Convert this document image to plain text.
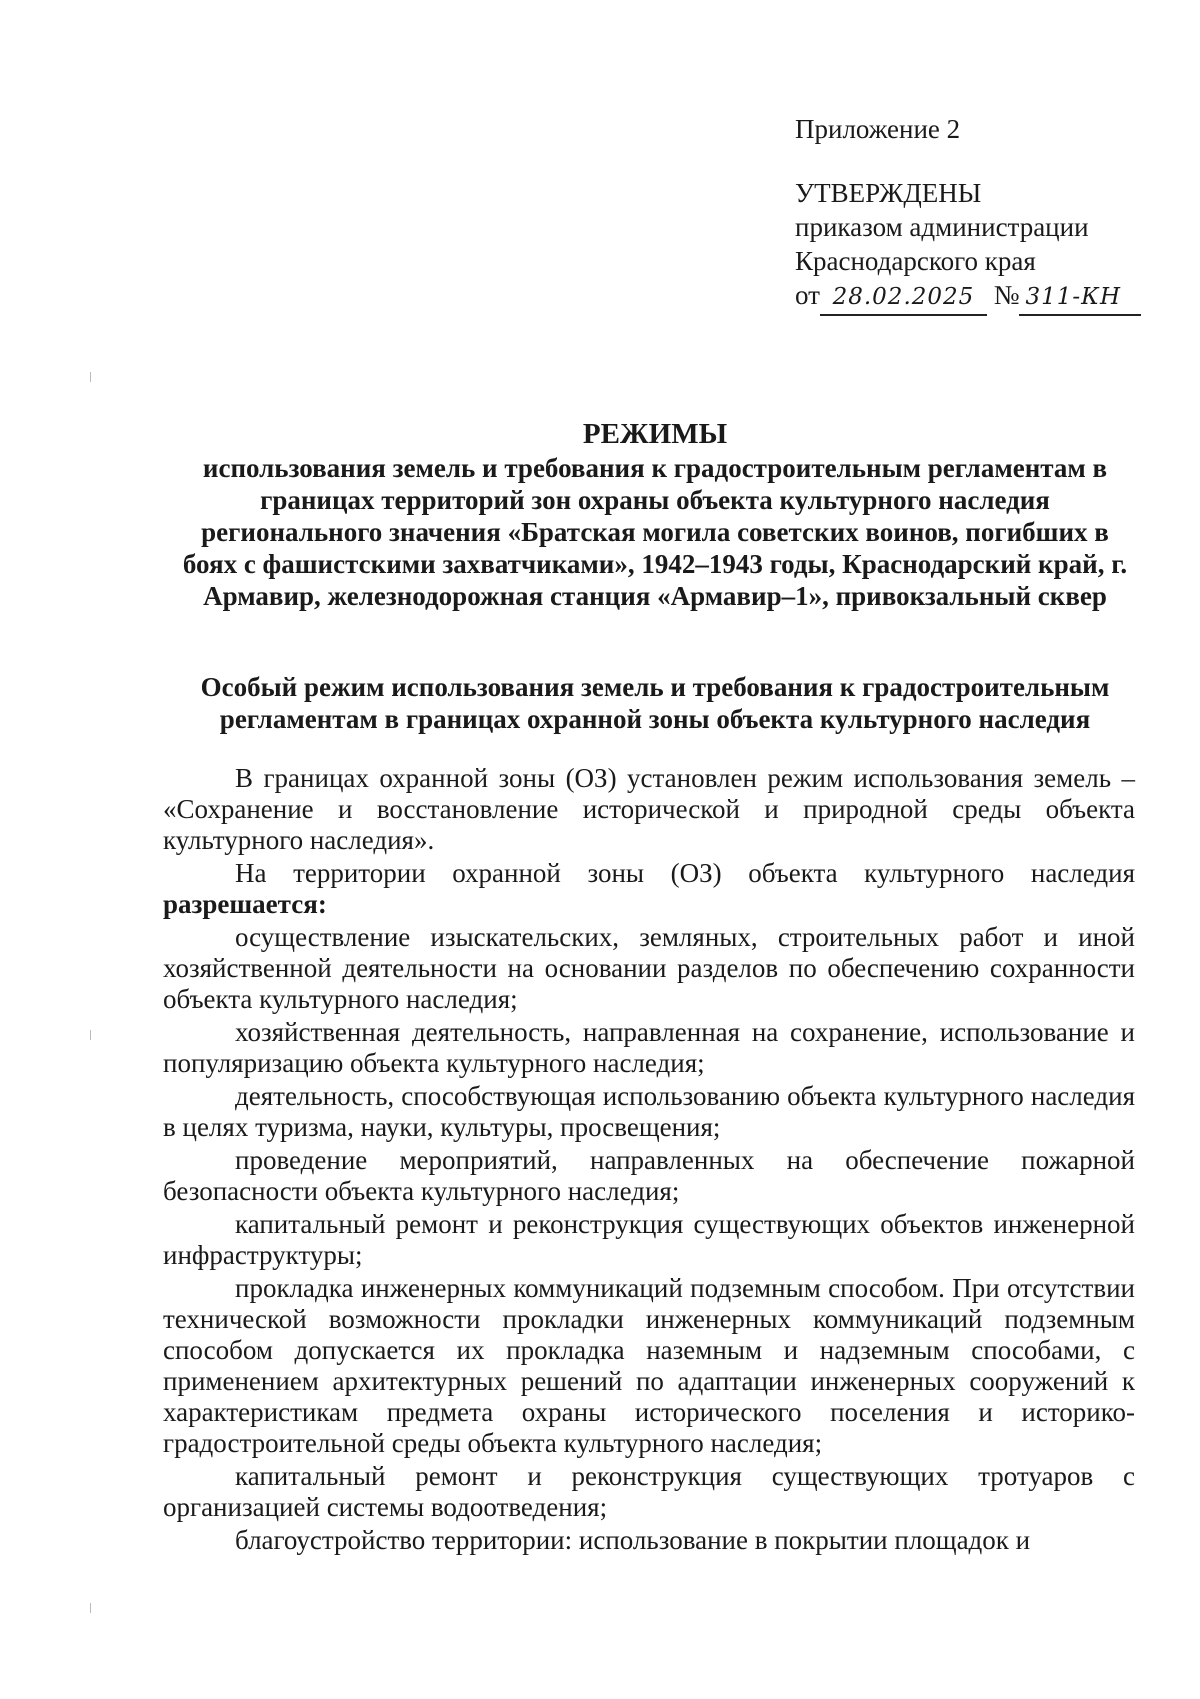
Приложение 2
УТВЕРЖДЕНЫ
приказом администрации
Краснодарского края
от 28.02.2025 № 311-КН
РЕЖИМЫ
использования земель и требования к градостроительным регламентам в границах территорий зон охраны объекта культурного наследия регионального значения «Братская могила советских воинов, погибших в боях с фашистскими захватчиками», 1942–1943 годы, Краснодарский край, г. Армавир, железнодорожная станция «Армавир–1», привокзальный сквер
Особый режим использования земель и требования к градостроительным регламентам в границах охранной зоны объекта культурного наследия

В границах охранной зоны (ОЗ) установлен режим использования земель – «Сохранение и восстановление исторической и природной среды объекта культурного наследия».

На территории охранной зоны (ОЗ) объекта культурного наследия разрешается:

осуществление изыскательских, земляных, строительных работ и иной хозяйственной деятельности на основании разделов по обеспечению сохранности объекта культурного наследия;

хозяйственная деятельность, направленная на сохранение, использование и популяризацию объекта культурного наследия;

деятельность, способствующая использованию объекта культурного наследия в целях туризма, науки, культуры, просвещения;

проведение мероприятий, направленных на обеспечение пожарной безопасности объекта культурного наследия;

капитальный ремонт и реконструкция существующих объектов инженерной инфраструктуры;

прокладка инженерных коммуникаций подземным способом. При отсутствии технической возможности прокладки инженерных коммуникаций подземным способом допускается их прокладка наземным и надземным способами, с применением архитектурных решений по адаптации инженерных сооружений к характеристикам предмета охраны исторического поселения и историко-градостроительной среды объекта культурного наследия;

капитальный ремонт и реконструкция существующих тротуаров с организацией системы водоотведения;

благоустройство территории: использование в покрытии площадок и
